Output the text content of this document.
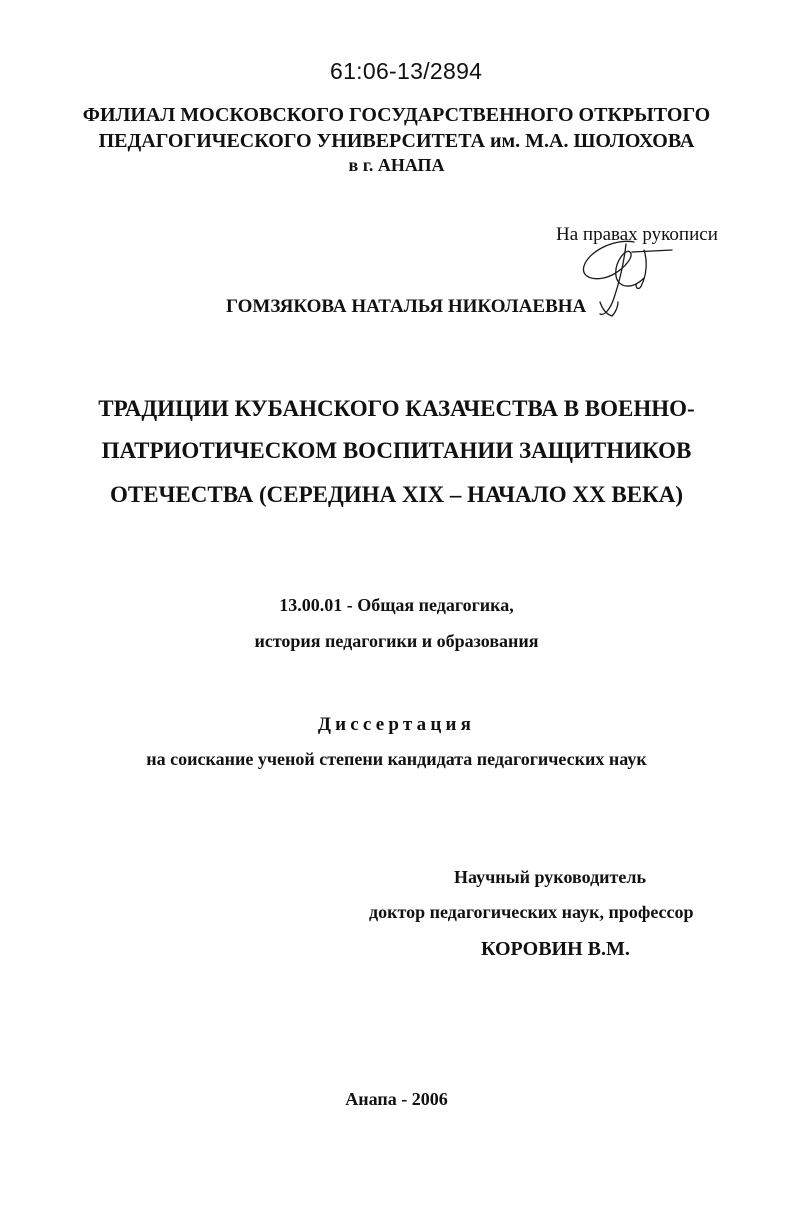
61:06-13/2894

ФИЛИАЛ МОСКОВСКОГО ГОСУДАРСТВЕННОГО ОТКРЫТОГО

ПЕДАГОГИЧЕСКОГО УНИВЕРСИТЕТА им. М.А. ШОЛОХОВА

в г. АНАПА

На правах рукописи

ГОМЗЯКОВА НАТАЛЬЯ НИКОЛАЕВНА

ТРАДИЦИИ КУБАНСКОГО КАЗАЧЕСТВА В ВОЕННО-

ПАТРИОТИЧЕСКОМ ВОСПИТАНИИ ЗАЩИТНИКОВ

ОТЕЧЕСТВА (СЕРЕДИНА XIX – НАЧАЛО XX ВЕКА)

13.00.01 - Общая педагогика,

история педагогики и образования

Диссертация

на соискание ученой степени кандидата педагогических наук

Научный руководитель

доктор педагогических наук, профессор

КОРОВИН В.М.

Анапа - 2006
